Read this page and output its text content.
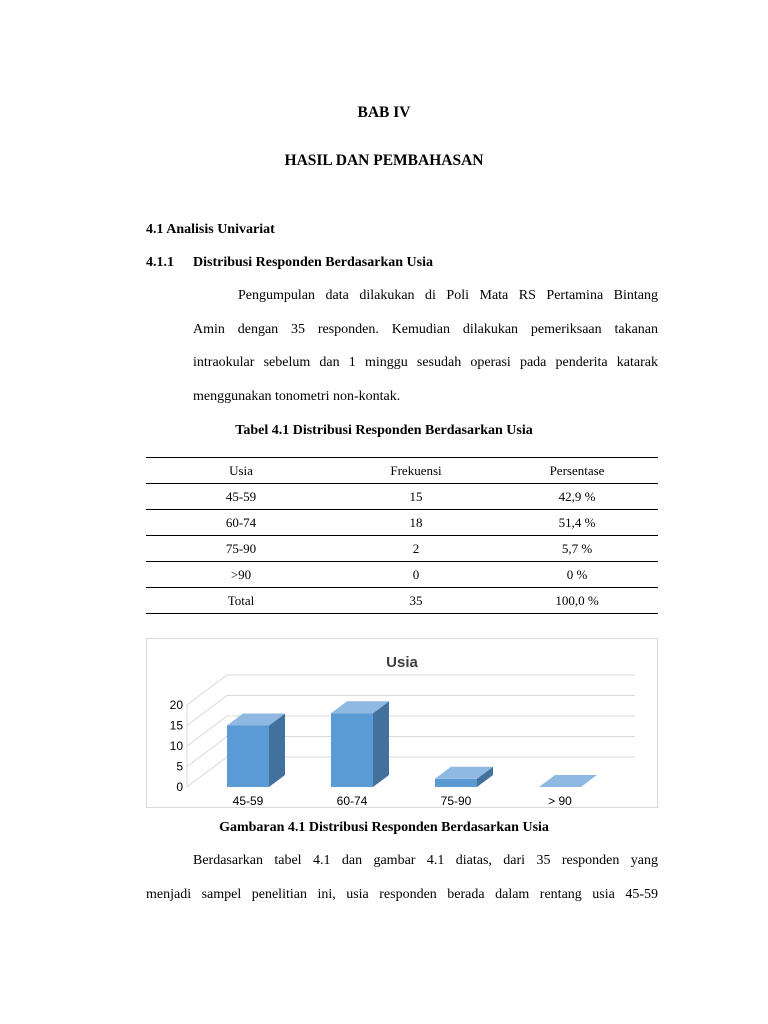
BAB IV
HASIL DAN PEMBAHASAN
4.1 Analisis Univariat
4.1.1 Distribusi Responden Berdasarkan Usia
Pengumpulan data dilakukan di Poli Mata RS Pertamina Bintang
Amin dengan 35 responden. Kemudian dilakukan pemeriksaan takanan
intraokular sebelum dan 1 minggu sesudah operasi pada penderita katarak
menggunakan tonometri non-kontak.
Tabel 4.1 Distribusi Responden Berdasarkan Usia
Usia	Frekuensi	Persentase
45-59	15	42,9 %
60-74	18	51,4 %
75-90	2	5,7 %
>90	0	0 %
Total	35	100,0 %
Usia
0
5
10
15
20
45-59	60-74	75-90	> 90
Gambaran 4.1 Distribusi Responden Berdasarkan Usia
Berdasarkan tabel 4.1 dan gambar 4.1 diatas, dari 35 responden yang
menjadi sampel penelitian ini, usia responden berada dalam rentang usia 45-59
